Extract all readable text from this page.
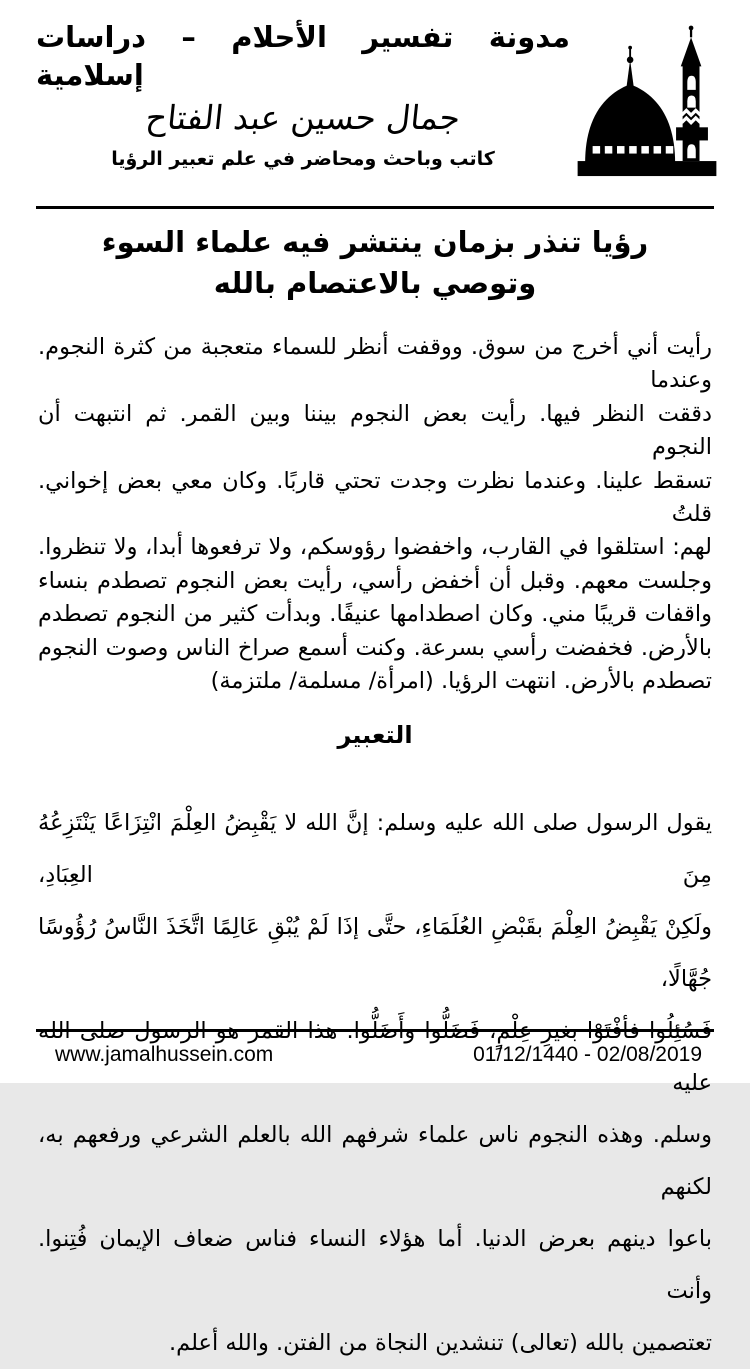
مدونة تفسير الأحلام – دراسات
إسلامية
جمال حسين عبد الفتاح
كاتب وباحث ومحاضر في علم تعبير الرؤيا
رؤيا تنذر بزمان ينتشر فيه علماء السوء
وتوصي بالاعتصام بالله
رأيت أني أخرج من سوق. ووقفت أنظر للسماء متعجبة من كثرة النجوم. وعندما
دققت النظر فيها. رأيت بعض النجوم بيننا وبين القمر. ثم انتبهت أن النجوم
تسقط علينا. وعندما نظرت وجدت تحتي قاربًا. وكان معي بعض إخواني. قلتُ
لهم: استلقوا في القارب، واخفضوا رؤوسكم، ولا ترفعوها أبدا، ولا تنظروا.
وجلست معهم. وقبل أن أخفض رأسي، رأيت بعض النجوم تصطدم بنساء
واقفات قريبًا مني. وكان اصطدامها عنيفًا. وبدأت كثير من النجوم تصطدم
بالأرض. فخفضت رأسي بسرعة. وكنت أسمع صراخ الناس وصوت النجوم
تصطدم بالأرض. انتهت الرؤيا. (امرأة/ مسلمة/ ملتزمة)
التعبير
يقول الرسول صلى الله عليه وسلم: إنَّ الله لا يَقْبِضُ العِلْمَ انْتِزَاعًا يَنْتَزِعُهُ مِنَ العِبَادِ،
ولَكِنْ يَقْبِضُ العِلْمَ بقَبْضِ العُلَمَاءِ، حتَّى إذَا لَمْ يُبْقِ عَالِمًا اتَّخَذَ النَّاسُ رُؤُوسًا جُهَّالًا،
عليه
وسلم. وهذه النجوم ناس علماء شرفهم الله بالعلم الشرعي ورفعهم به، لكنهم
باعوا دينهم بعرض الدنيا. أما هؤلاء النساء فناس ضعاف الإيمان فُتِنوا. وأنت
تعتصمين بالله (تعالى) تنشدين النجاة من الفتن. والله أعلم.
www.jamalhussein.com	01/12/1440 - 02/08/2019
